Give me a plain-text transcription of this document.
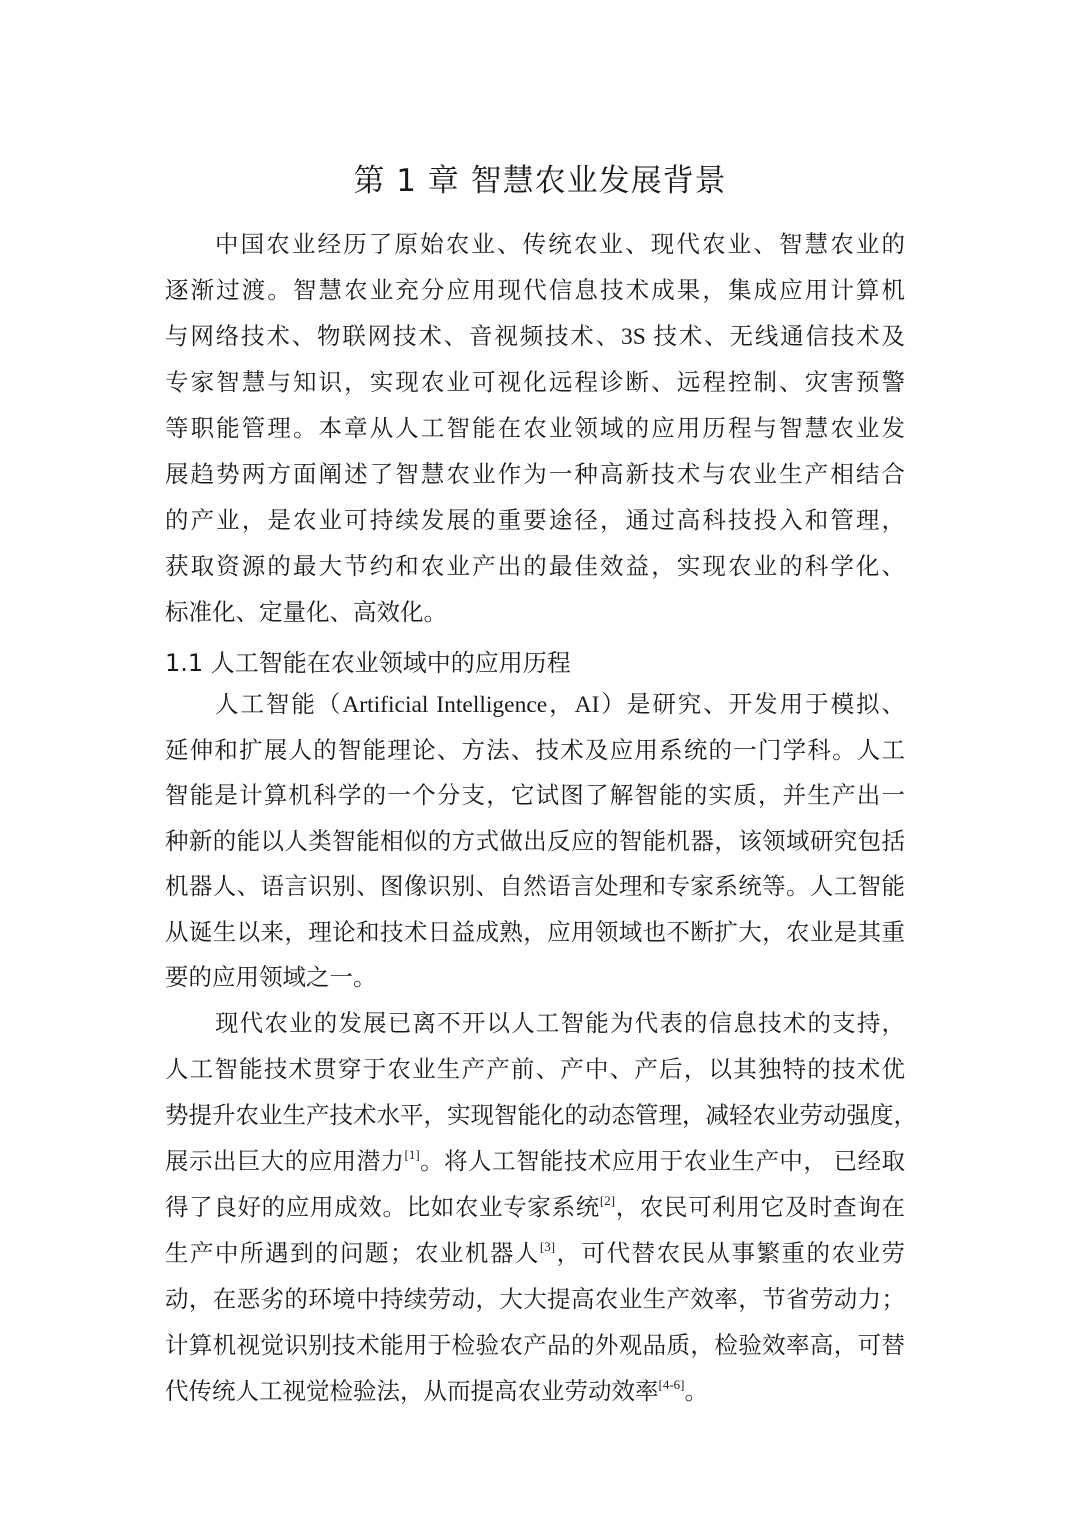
第 1 章 智慧农业发展背景
1.1 人工智能在农业领域中的应用历程
中国农业经历了原始农业、传统农业、现代农业、智慧农业的
逐渐过渡。智慧农业充分应用现代信息技术成果，集成应用计算机
与网络技术、物联网技术、音视频技术、3S 技术、无线通信技术及
专家智慧与知识，实现农业可视化远程诊断、远程控制、灾害预警
等职能管理。本章从人工智能在农业领域的应用历程与智慧农业发
展趋势两方面阐述了智慧农业作为一种高新技术与农业生产相结合
的产业，是农业可持续发展的重要途径，通过高科技投入和管理，
获取资源的最大节约和农业产出的最佳效益，实现农业的科学化、
标准化、定量化、高效化。
人工智能（Artificial Intelligence，AI）是研究、开发用于模拟、
延伸和扩展人的智能理论、方法、技术及应用系统的一门学科。人工
智能是计算机科学的一个分支，它试图了解智能的实质，并生产出一
种新的能以人类智能相似的方式做出反应的智能机器，该领域研究包括
机器人、语言识别、图像识别、自然语言处理和专家系统等。人工智能
从诞生以来，理论和技术日益成熟，应用领域也不断扩大，农业是其重
要的应用领域之一。
现代农业的发展已离不开以人工智能为代表的信息技术的支持，
人工智能技术贯穿于农业生产产前、产中、产后，以其独特的技术优
势提升农业生产技术水平，实现智能化的动态管理，减轻农业劳动强度，
展示出巨大的应用潜力[1]。将人工智能技术应用于农业生产中， 已经取
得了良好的应用成效。比如农业专家系统[2]，农民可利用它及时查询在
生产中所遇到的问题；农业机器人[3]，可代替农民从事繁重的农业劳
动，在恶劣的环境中持续劳动，大大提高农业生产效率，节省劳动力；
计算机视觉识别技术能用于检验农产品的外观品质，检验效率高，可替
代传统人工视觉检验法，从而提高农业劳动效率[4-6]。
